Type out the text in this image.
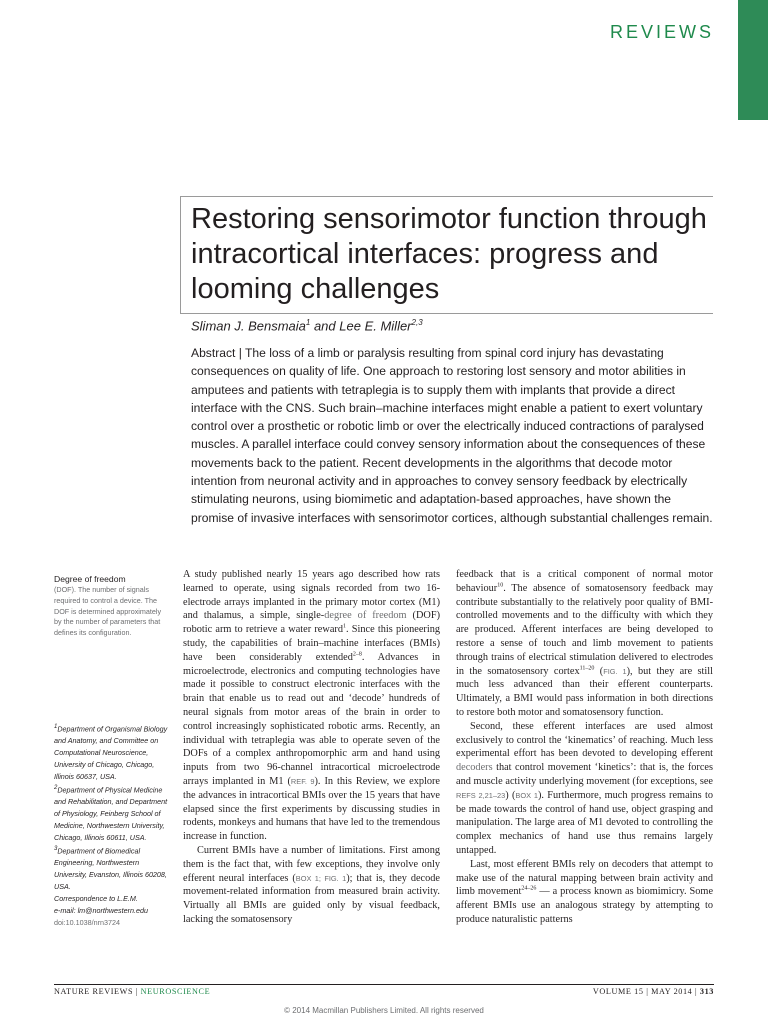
REVIEWS
Restoring sensorimotor function through intracortical interfaces: progress and looming challenges
Sliman J. Bensmaia$^1$ and Lee E. Miller$^{2,3}$

Abstract | The loss of a limb or paralysis resulting from spinal cord injury has devastating consequences on quality of life. One approach to restoring lost sensory and motor abilities in amputees and patients with tetraplegia is to supply them with implants that provide a direct interface with the CNS. Such brain–machine interfaces might enable a patient to exert voluntary control over a prosthetic or robotic limb or over the electrically induced contractions of paralysed muscles. A parallel interface could convey sensory information about the consequences of these movements back to the patient. Recent developments in the algorithms that decode motor intention from neuronal activity and in approaches to convey sensory feedback by electrically stimulating neurons, using biomimetic and adaptation-based approaches, have shown the promise of invasive interfaces with sensorimotor cortices, although substantial challenges remain.

Degree of freedom
(DOF). The number of signals required to control a device. The DOF is determined approximately by the number of parameters that defines its configuration.
$^1$Department of Organismal Biology and Anatomy, and Committee on Computational Neuroscience, University of Chicago, Chicago, Illinois 60637, USA.
$^2$Department of Physical Medicine and Rehabilitation, and Department of Physiology, Feinberg School of Medicine, Northwestern University, Chicago, Illinois 60611, USA.
$^3$Department of Biomedical Engineering, Northwestern University, Evanston, Illinois 60208, USA.
Correspondence to L.E.M.
e-mail: lm@northwestern.edu
doi:10.1038/nrn3724

A study published nearly 15 years ago described how rats learned to operate, using signals recorded from two 16-electrode arrays implanted in the primary motor cortex (M1) and thalamus, a simple, single-degree of freedom (DOF) robotic arm to retrieve a water reward$^1$. Since this pioneering study, the capabilities of brain–machine interfaces (BMIs) have been considerably extended$^{2-8}$. Advances in microelectrode, electronics and computing technologies have made it possible to construct electronic interfaces with the brain that enable us to read out and ‘decode’ hundreds of neural signals from motor areas of the brain in order to control increasingly sophisticated robotic arms. Recently, an individual with tetraplegia was able to operate seven of the DOFs of a complex anthropomorphic arm and hand using inputs from two 96-channel intracortical microelectrode arrays implanted in M1 (REF. 9). In this Review, we explore the advances in intracortical BMIs over the 15 years that have elapsed since the first experiments by discussing studies in rodents, monkeys and humans that have led to the tremendous increase in function.

Current BMIs have a number of limitations. First among them is the fact that, with few exceptions, they involve only efferent neural interfaces (BOX 1; FIG. 1); that is, they decode movement-related information from measured brain activity. Virtually all BMIs are guided only by visual feedback, lacking the somatosensory

feedback that is a critical component of normal motor behaviour$^{10}$. The absence of somatosensory feedback may contribute substantially to the relatively poor quality of BMI-controlled movements and to the difficulty with which they are produced. Afferent interfaces are being developed to restore a sense of touch and limb movement to patients through trains of electrical stimulation delivered to electrodes in the somatosensory cortex$^{11-20}$ (FIG. 1), but they are still much less advanced than their efferent counterparts. Ultimately, a BMI would pass information in both directions to restore both motor and somatosensory function.

Second, these efferent interfaces are used almost exclusively to control the ‘kinematics’ of reaching. Much less experimental effort has been devoted to developing efferent decoders that control movement ‘kinetics’: that is, the forces and muscle activity underlying movement (for exceptions, see REFS 2,21–23) (BOX 1). Furthermore, much progress remains to be made towards the control of hand use, object grasping and manipulation. The large area of M1 devoted to controlling the complex mechanics of hand use thus remains largely untapped.

Last, most efferent BMIs rely on decoders that attempt to make use of the natural mapping between brain activity and limb movement$^{24-26}$ — a process known as biomimicry. Some afferent BMIs use an analogous strategy by attempting to produce naturalistic patterns

NATURE REVIEWS | NEUROSCIENCE	VOLUME 15 | MAY 2014 | 313
© 2014 Macmillan Publishers Limited. All rights reserved
